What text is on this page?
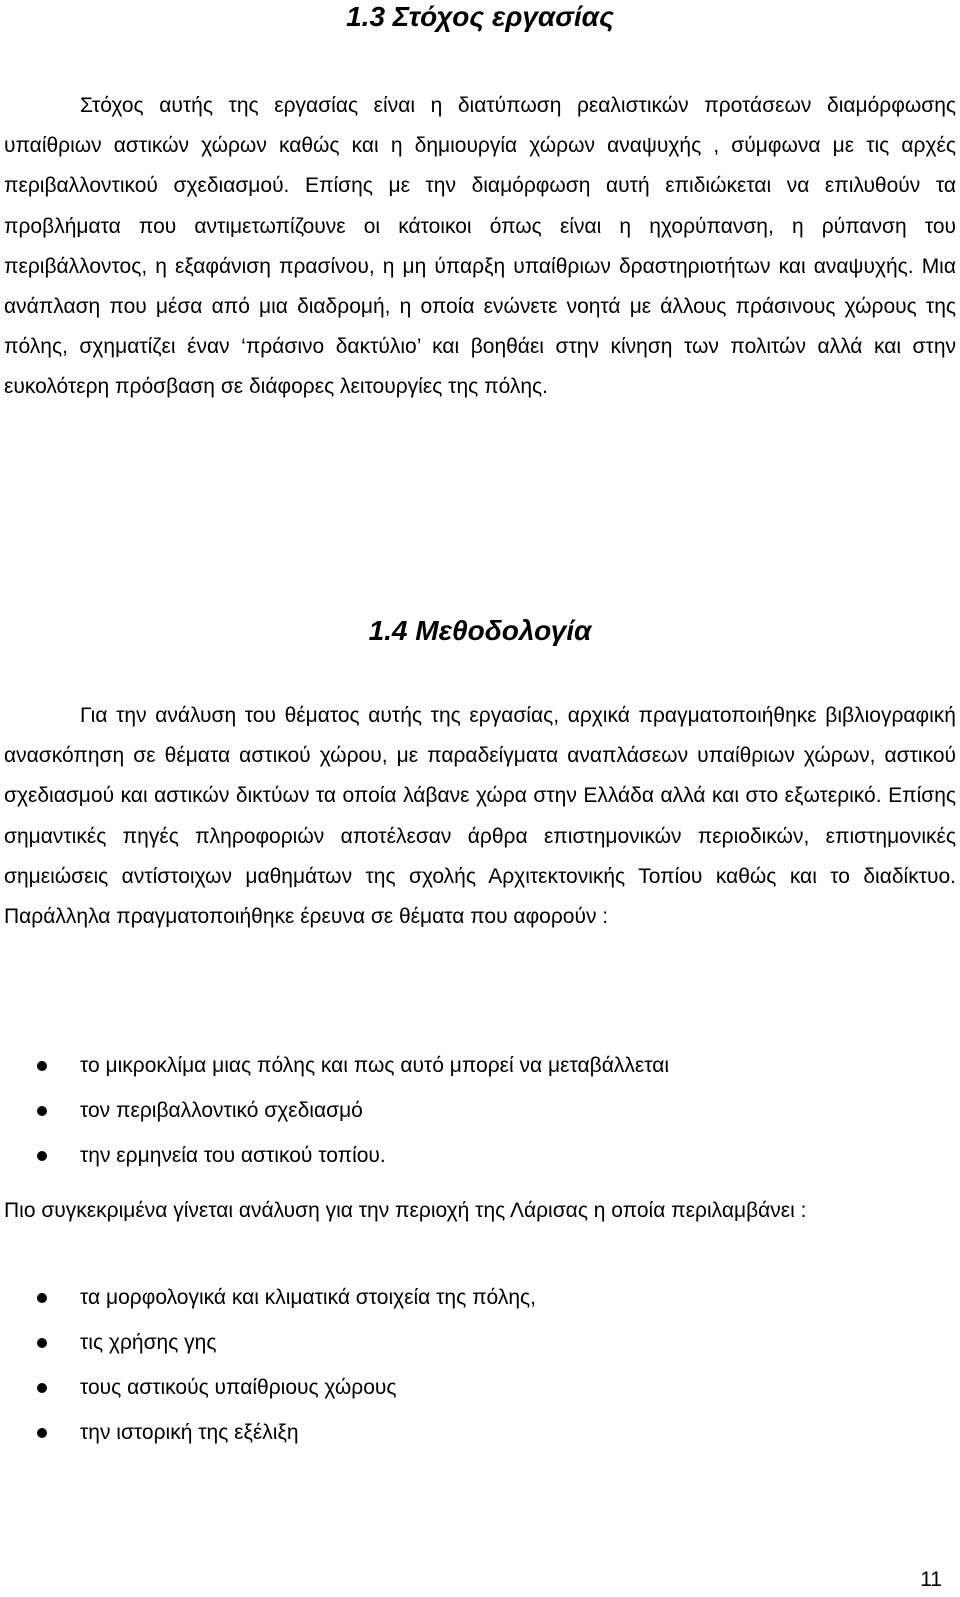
1.3 Στόχος εργασίας

Στόχος αυτής της εργασίας είναι η διατύπωση ρεαλιστικών προτάσεων διαμόρφωσης υπαίθριων αστικών χώρων καθώς και η δημιουργία χώρων αναψυχής , σύμφωνα με τις αρχές περιβαλλοντικού σχεδιασμού. Επίσης με την διαμόρφωση αυτή επιδιώκεται να επιλυθούν τα προβλήματα που αντιμετωπίζουνε οι κάτοικοι όπως είναι η ηχορύπανση, η ρύπανση του περιβάλλοντος, η εξαφάνιση πρασίνου, η μη ύπαρξη υπαίθριων δραστηριοτήτων και αναψυχής. Μια ανάπλαση που μέσα από μια διαδρομή, η οποία ενώνετε νοητά με άλλους πράσινους χώρους της πόλης, σχηματίζει έναν ‘πράσινο δακτύλιο’ και βοηθάει στην κίνηση των πολιτών αλλά και στην ευκολότερη πρόσβαση σε διάφορες λειτουργίες της πόλης.

1.4 Μεθοδολογία

Για την ανάλυση του θέματος αυτής της εργασίας, αρχικά πραγματοποιήθηκε βιβλιογραφική ανασκόπηση σε θέματα αστικού χώρου, με παραδείγματα αναπλάσεων υπαίθριων χώρων, αστικού σχεδιασμού και αστικών δικτύων τα οποία λάβανε χώρα στην Ελλάδα αλλά και στο εξωτερικό. Επίσης σημαντικές πηγές πληροφοριών αποτέλεσαν άρθρα επιστημονικών περιοδικών, επιστημονικές σημειώσεις αντίστοιχων μαθημάτων της σχολής Αρχιτεκτονικής Τοπίου καθώς και το διαδίκτυο. Παράλληλα πραγματοποιήθηκε έρευνα σε θέματα που αφορούν :

το μικροκλίμα μιας πόλης και πως αυτό μπορεί να μεταβάλλεται
τον περιβαλλοντικό σχεδιασμό
την ερμηνεία του αστικού τοπίου.

Πιο συγκεκριμένα γίνεται ανάλυση για την περιοχή της Λάρισας η οποία περιλαμβάνει :

τα μορφολογικά και κλιματικά στοιχεία της πόλης,
τις χρήσης γης
τους αστικούς υπαίθριους χώρους
την ιστορική της εξέλιξη
11
